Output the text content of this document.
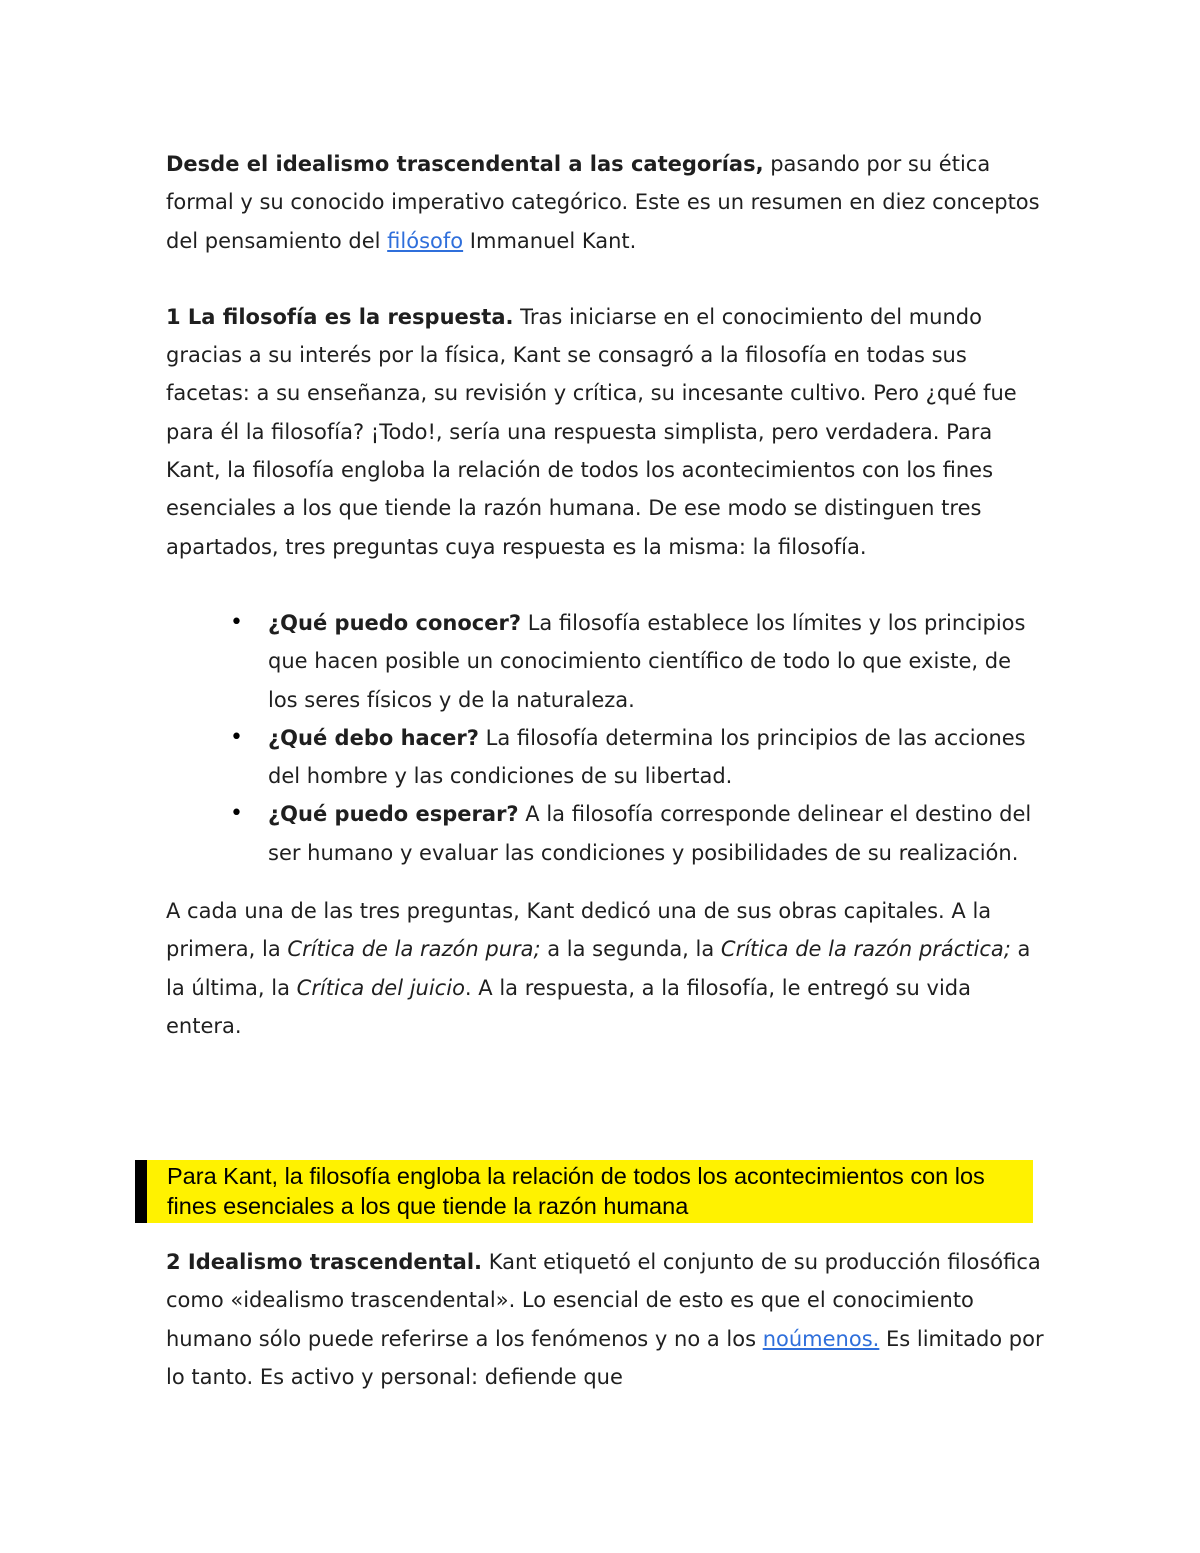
Desde el idealismo trascendental a las categorías, pasando por su ética formal y su conocido imperativo categórico. Este es un resumen en diez conceptos del pensamiento del filósofo Immanuel Kant.

1 La filosofía es la respuesta. Tras iniciarse en el conocimiento del mundo gracias a su interés por la física, Kant se consagró a la filosofía en todas sus facetas: a su enseñanza, su revisión y crítica, su incesante cultivo. Pero ¿qué fue para él la filosofía? ¡Todo!, sería una respuesta simplista, pero verdadera. Para Kant, la filosofía engloba la relación de todos los acontecimientos con los fines esenciales a los que tiende la razón humana. De ese modo se distinguen tres apartados, tres preguntas cuya respuesta es la misma: la filosofía.

• ¿Qué puedo conocer? La filosofía establece los límites y los principios que hacen posible un conocimiento científico de todo lo que existe, de los seres físicos y de la naturaleza.
• ¿Qué debo hacer? La filosofía determina los principios de las acciones del hombre y las condiciones de su libertad.
• ¿Qué puedo esperar? A la filosofía corresponde delinear el destino del ser humano y evaluar las condiciones y posibilidades de su realización.

A cada una de las tres preguntas, Kant dedicó una de sus obras capitales. A la primera, la Crítica de la razón pura; a la segunda, la Crítica de la razón práctica; a la última, la Crítica del juicio. A la respuesta, a la filosofía, le entregó su vida entera.

Para Kant, la filosofía engloba la relación de todos los acontecimientos con los fines esenciales a los que tiende la razón humana

2 Idealismo trascendental. Kant etiquetó el conjunto de su producción filosófica como «idealismo trascendental». Lo esencial de esto es que el conocimiento humano sólo puede referirse a los fenómenos y no a los noúmenos. Es limitado por lo tanto. Es activo y personal: defiende que
